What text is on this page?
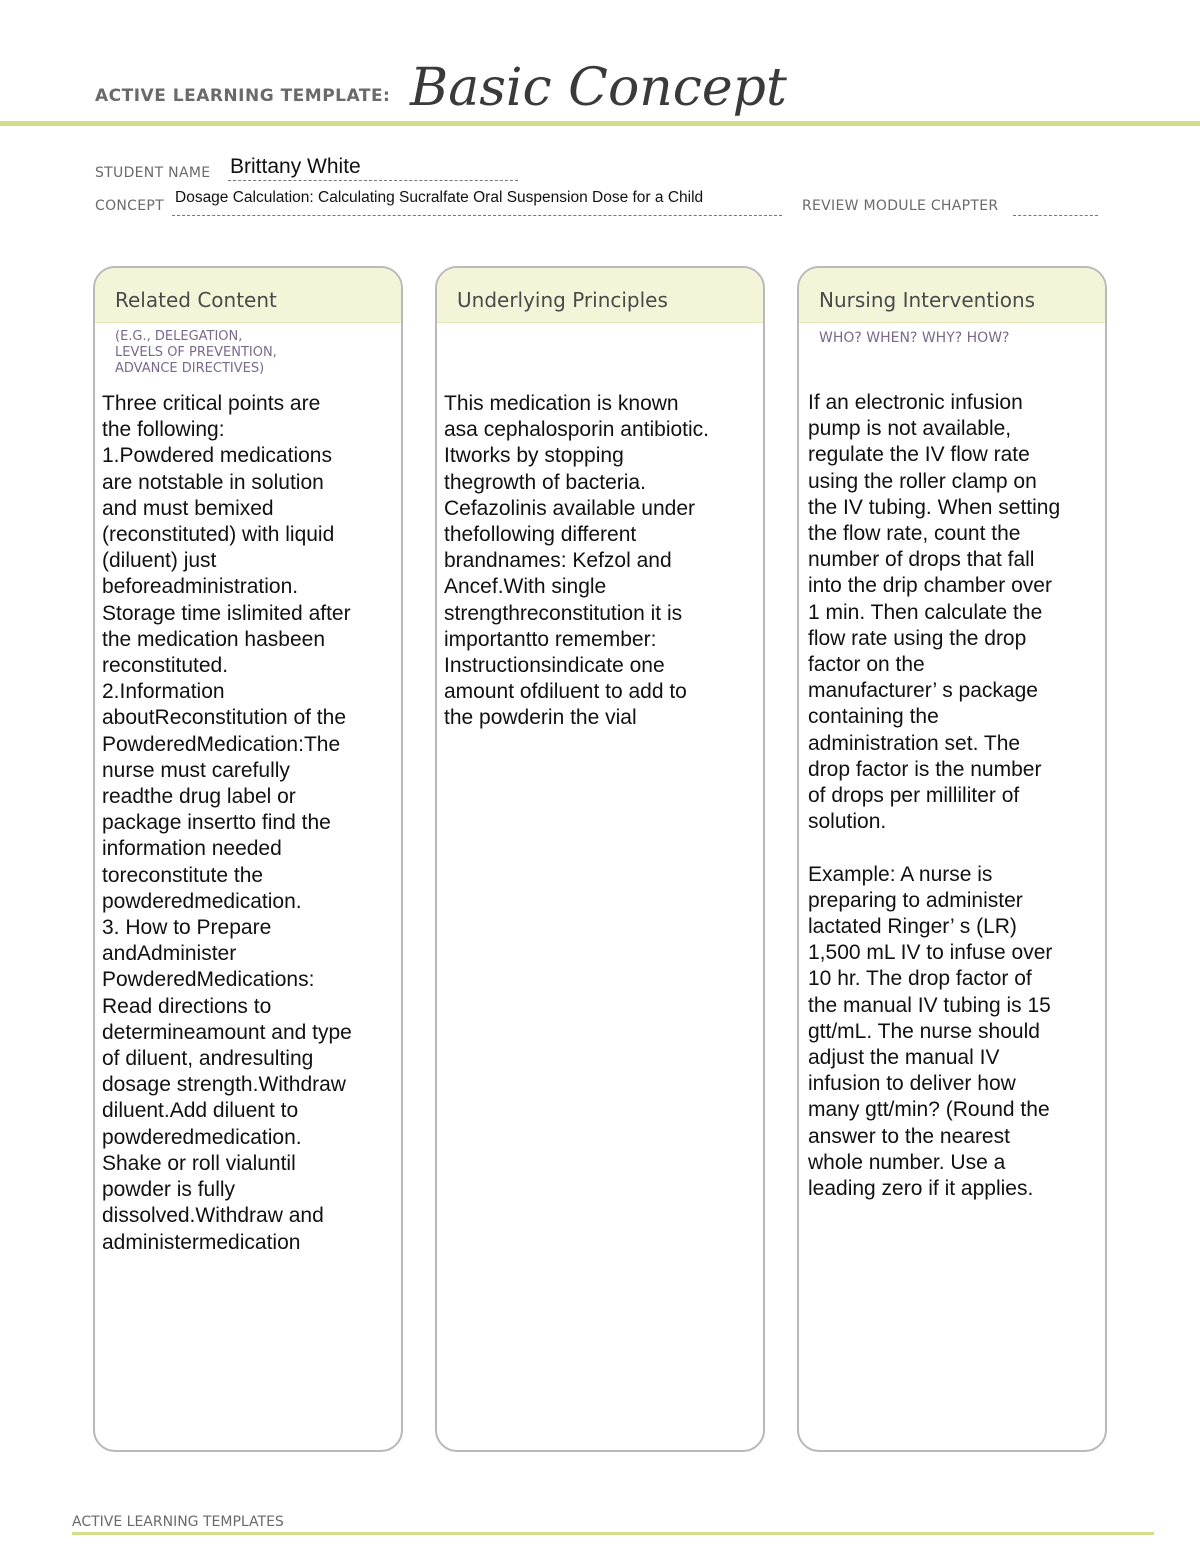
ACTIVE LEARNING TEMPLATE: Basic Concept
STUDENT NAME Brittany White
CONCEPT Dosage Calculation: Calculating Sucralfate Oral Suspension Dose for a Child	REVIEW MODULE CHAPTER
Related Content
(E.G., DELEGATION,
LEVELS OF PREVENTION,
ADVANCE DIRECTIVES)
Three critical points are
the following:
1.Powdered medications
are notstable in solution
and must bemixed
(reconstituted) with liquid
(diluent) just
beforeadministration.
Storage time islimited after
the medication hasbeen
reconstituted.
2.Information
aboutReconstitution of the
PowderedMedication:The
nurse must carefully
readthe drug label or
package insertto find the
information needed
toreconstitute the
powderedmedication.
3. How to Prepare
andAdminister
PowderedMedications:
Read directions to
determineamount and type
of diluent, andresulting
dosage strength.Withdraw
diluent.Add diluent to
powderedmedication.
Shake or roll vialuntil
powder is fully
dissolved.Withdraw and
administermedication
Underlying Principles
This medication is known
asa cephalosporin antibiotic.
Itworks by stopping
thegrowth of bacteria.
Cefazolinis available under
thefollowing different
brandnames: Kefzol and
Ancef.With single
strengthreconstitution it is
importantto remember:
Instructionsindicate one
amount ofdiluent to add to
the powderin the vial
Nursing Interventions
WHO? WHEN? WHY? HOW?
If an electronic infusion
pump is not available,
regulate the IV flow rate
using the roller clamp on
the IV tubing. When setting
the flow rate, count the
number of drops that fall
into the drip chamber over
1 min. Then calculate the
flow rate using the drop
factor on the
manufacturer’ s package
containing the
administration set. The
drop factor is the number
of drops per milliliter of
solution.

Example: A nurse is
preparing to administer
lactated Ringer’ s (LR)
1,500 mL IV to infuse over
10 hr. The drop factor of
the manual IV tubing is 15
gtt/mL. The nurse should
adjust the manual IV
infusion to deliver how
many gtt/min? (Round the
answer to the nearest
whole number. Use a
leading zero if it applies.
ACTIVE LEARNING TEMPLATES
